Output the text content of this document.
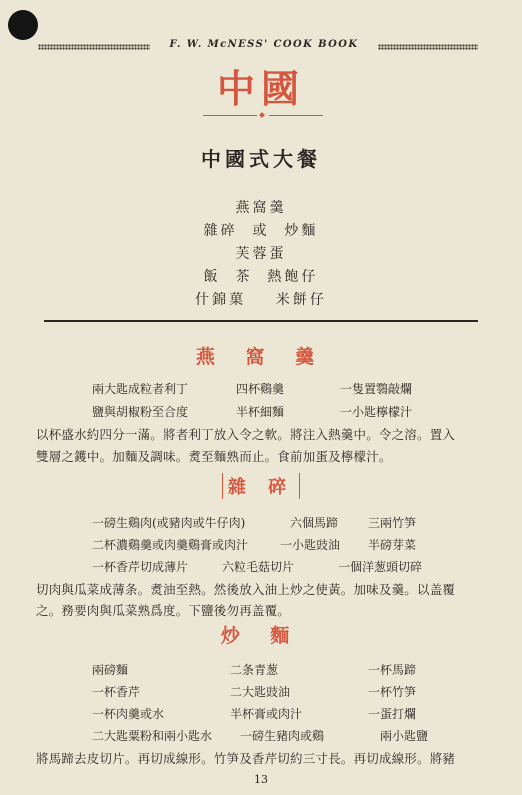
F. W. McNESS' COOK BOOK
中國
中國式大餐
燕窩羹
雜碎  或  炒麵
芙蓉蛋
飯  茶  熱飽仔
什錦菓    米餅仔
燕 窩 羹
兩大匙成粒者利丁	四杯鷄羹	一隻置䴇敲爛
鹽與胡椒粉至合度	半杯細麵	一小匙檸檬汁
以杯盛水約四分一滿。將者利丁放入令之軟。將注入熱羹中。令之溶。置入
雙層之鑊中。加麵及調味。煑至麵熟而止。食前加蛋及檸檬汁。
雜 碎
一磅生鷄肉(或豬肉或牛仔肉)	六個馬蹄 三兩竹笋
二杯濃鷄羹或肉羹鷄膏或肉汁	一小匙豉油 半磅芽菜
一杯香芹切成薄片	六粒毛菇切片	一個洋葱頭切碎
切肉與瓜菜成薄条。煑油至熱。然後放入油上炒之使黃。加味及羹。以盖覆
之。務要肉與瓜菜熟爲度。下鹽後勿再盖覆。
炒 麵
兩磅麵	二条青葱	一杯馬蹄
一杯香芹	二大匙豉油	一杯竹笋
一杯肉羹或水	半杯膏或肉汁	一蛋打爛
二大匙粟粉和兩小匙水 一磅生豬肉或鷄	兩小匙鹽
將馬蹄去皮切片。再切成線形。竹笋及香芹切約三寸長。再切成線形。將豬
13
